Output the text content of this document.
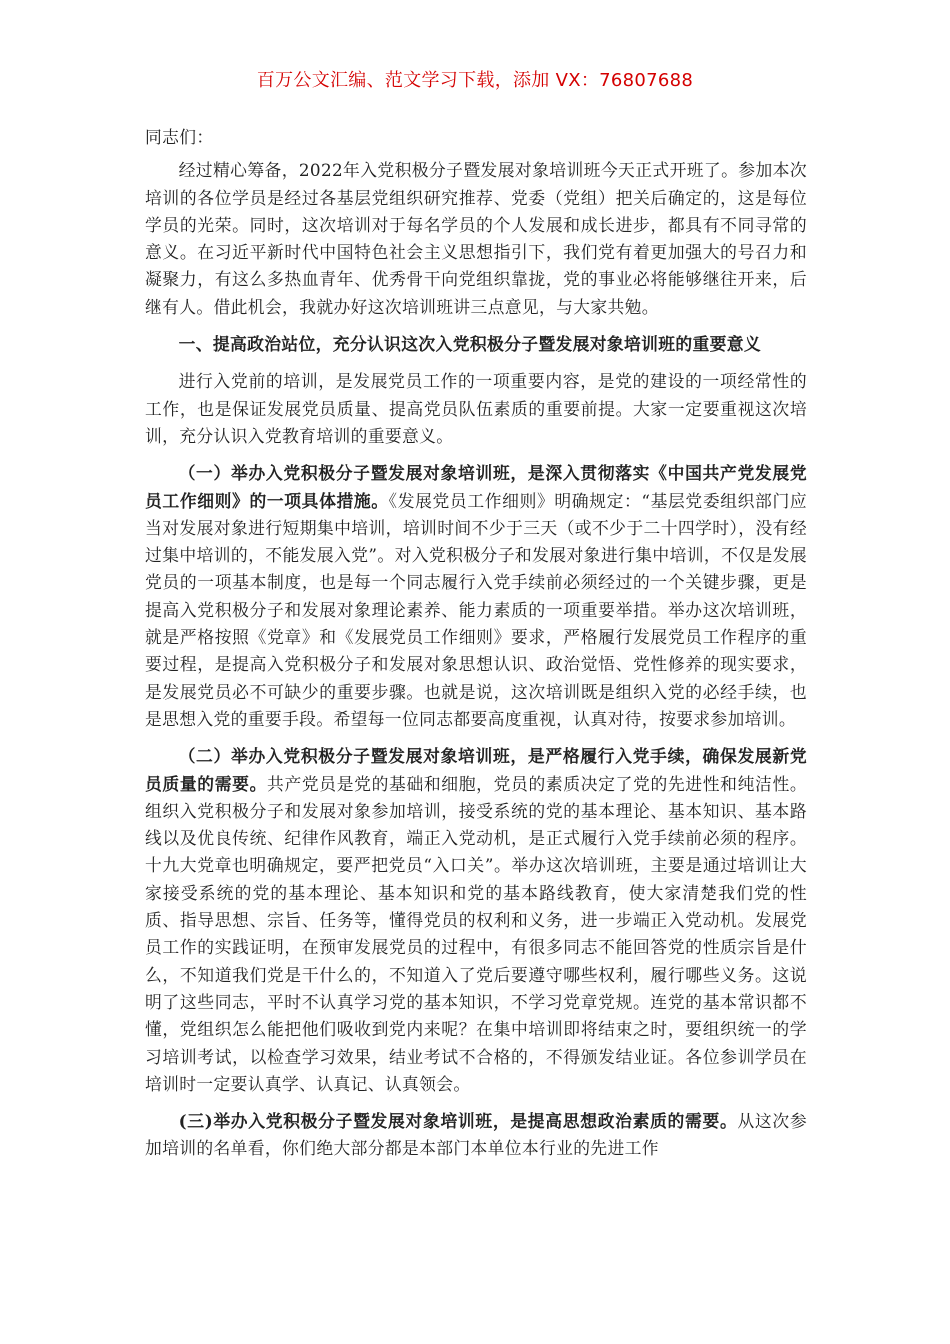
百万公文汇编、范文学习下载，添加 VX：76807688

同志们：

经过精心筹备，2022年入党积极分子暨发展对象培训班今天正式开班了。参加本次培训的各位学员是经过各基层党组织研究推荐、党委（党组）把关后确定的，这是每位学员的光荣。同时，这次培训对于每名学员的个人发展和成长进步，都具有不同寻常的意义。在习近平新时代中国特色社会主义思想指引下，我们党有着更加强大的号召力和凝聚力，有这么多热血青年、优秀骨干向党组织靠拢，党的事业必将能够继往开来，后继有人。借此机会，我就办好这次培训班讲三点意见，与大家共勉。

一、提高政治站位，充分认识这次入党积极分子暨发展对象培训班的重要意义

进行入党前的培训，是发展党员工作的一项重要内容，是党的建设的一项经常性的工作，也是保证发展党员质量、提高党员队伍素质的重要前提。大家一定要重视这次培训，充分认识入党教育培训的重要意义。

（一）举办入党积极分子暨发展对象培训班，是深入贯彻落实《中国共产党发展党员工作细则》的一项具体措施。《发展党员工作细则》明确规定：“基层党委组织部门应当对发展对象进行短期集中培训，培训时间不少于三天（或不少于二十四学时），没有经过集中培训的，不能发展入党”。对入党积极分子和发展对象进行集中培训，不仅是发展党员的一项基本制度，也是每一个同志履行入党手续前必须经过的一个关键步骤，更是提高入党积极分子和发展对象理论素养、能力素质的一项重要举措。举办这次培训班，就是严格按照《党章》和《发展党员工作细则》要求，严格履行发展党员工作程序的重要过程，是提高入党积极分子和发展对象思想认识、政治觉悟、党性修养的现实要求，是发展党员必不可缺少的重要步骤。也就是说，这次培训既是组织入党的必经手续，也是思想入党的重要手段。希望每一位同志都要高度重视，认真对待，按要求参加培训。

（二）举办入党积极分子暨发展对象培训班，是严格履行入党手续，确保发展新党员质量的需要。共产党员是党的基础和细胞，党员的素质决定了党的先进性和纯洁性。组织入党积极分子和发展对象参加培训，接受系统的党的基本理论、基本知识、基本路线以及优良传统、纪律作风教育，端正入党动机，是正式履行入党手续前必须的程序。十九大党章也明确规定，要严把党员“入口关”。举办这次培训班，主要是通过培训让大家接受系统的党的基本理论、基本知识和党的基本路线教育，使大家清楚我们党的性质、指导思想、宗旨、任务等，懂得党员的权利和义务，进一步端正入党动机。发展党员工作的实践证明，在预审发展党员的过程中，有很多同志不能回答党的性质宗旨是什么，不知道我们党是干什么的，不知道入了党后要遵守哪些权利，履行哪些义务。这说明了这些同志，平时不认真学习党的基本知识，不学习党章党规。连党的基本常识都不懂，党组织怎么能把他们吸收到党内来呢？在集中培训即将结束之时，要组织统一的学习培训考试，以检查学习效果，结业考试不合格的，不得颁发结业证。各位参训学员在培训时一定要认真学、认真记、认真领会。

(三)举办入党积极分子暨发展对象培训班，是提高思想政治素质的需要。从这次参加培训的名单看，你们绝大部分都是本部门本单位本行业的先进工作
